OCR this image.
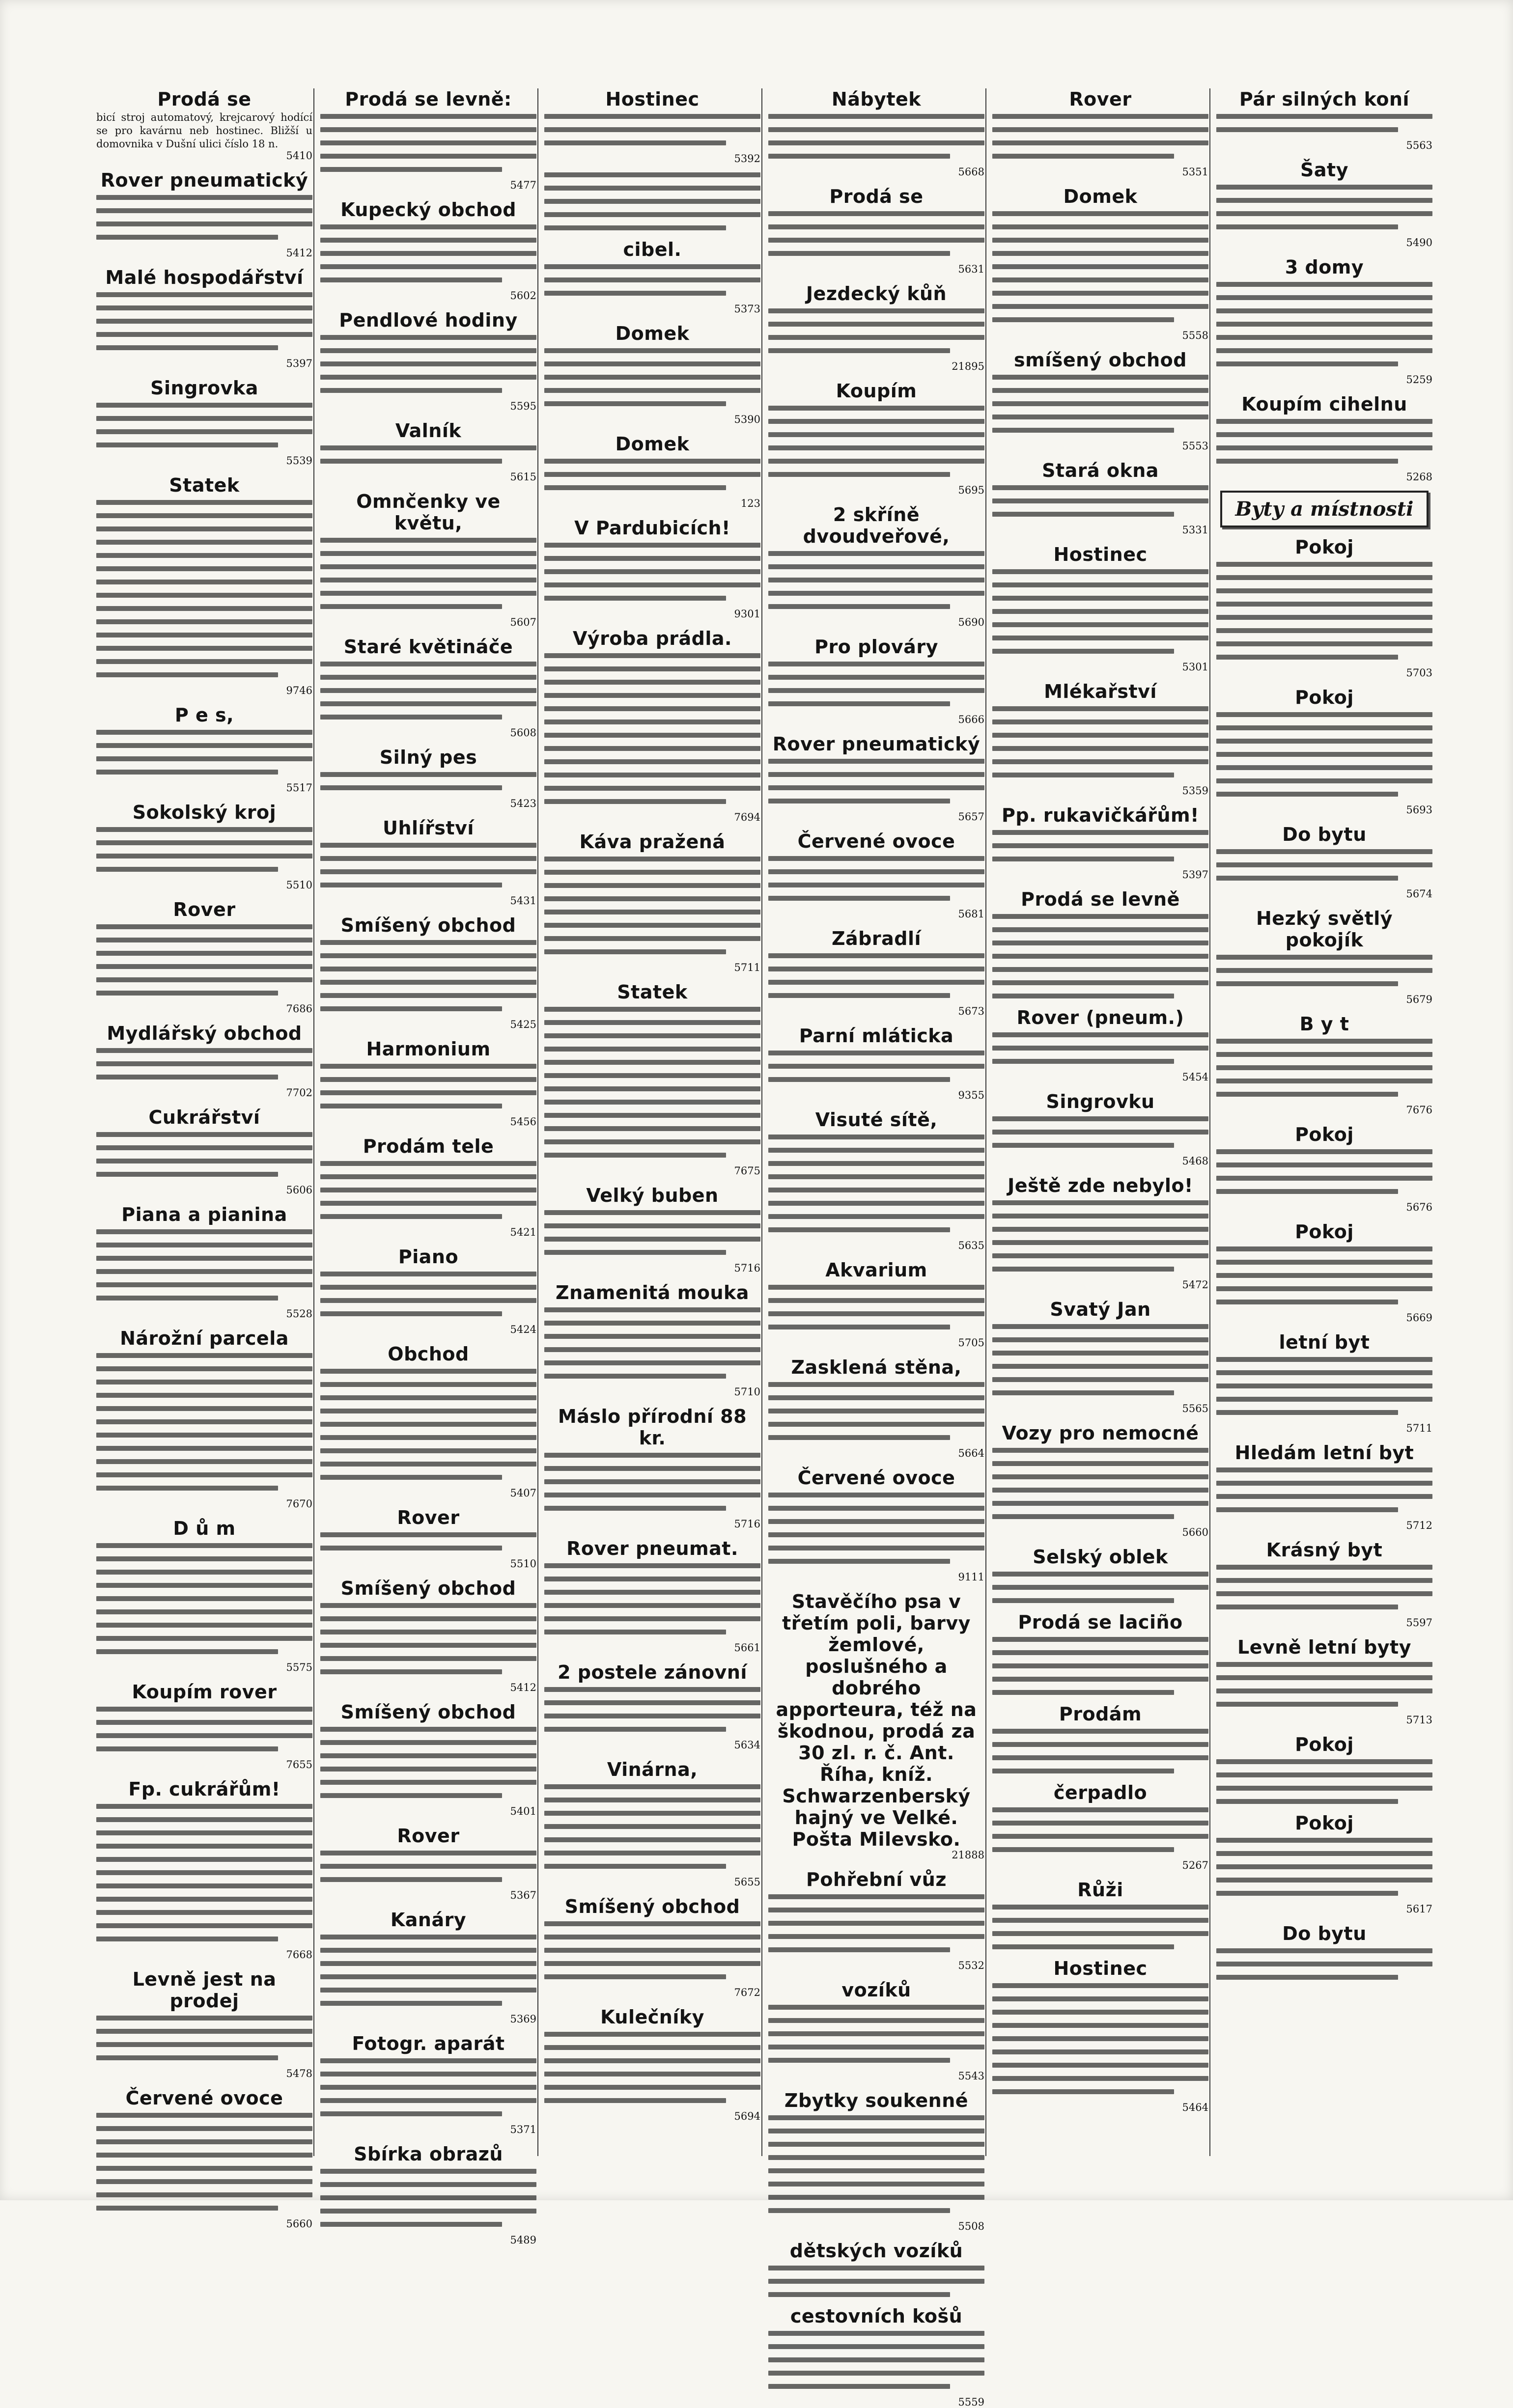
Prodá se
bicí stroj automatový, krejcarový hodící se pro kavárnu neb hostinec. Bližší u domovnika v Dušní ulici číslo 18 n.
5410
Rover pneumatický
5412
Malé hospodářství
5397
Singrovka
5539
Statek
9746
P e s,
5517
Sokolský kroj
5510
Rover
7686
Mydlářský obchod
7702
Cukrářství
5606
Piana a pianina
5528
Nárožní parcela
7670
D ů m
5575
Koupím rover
7655
Fp. cukrářům!
7668
Levně jest na prodej
5478
Červené ovoce
5660
Prodá se levně:
5477
Kupecký obchod
5602
Pendlové hodiny
5595
Valník
5615
Omnčenky ve květu,
5607
Staré květináče
5608
Silný pes
5423
Uhlířství
5431
Smíšený obchod
5425
Harmonium
5456
Prodám tele
5421
Piano
5424
Obchod
5407
Rover
5510
Smíšený obchod
5412
Smíšený obchod
5401
Rover
5367
Kanáry
5369
Fotogr. aparát
5371
Sbírka obrazů
5489
Hostinec
5392
cibel.
5373
Domek
5390
Domek
123
V Pardubicích!
9301
Výroba prádla.
7694
Káva pražená
5711
Statek
7675
Velký buben
5716
Znamenitá mouka
5710
Máslo přírodní 88 kr.
5716
Rover pneumat.
5661
2 postele zánovní
5634
Vinárna,
5655
Smíšený obchod
7672
Kulečníky
5694
Nábytek
5668
Prodá se
5631
Jezdecký kůň
21895
Koupím
5695
2 skříně dvoudveřové,
5690
Pro plováry
5666
Rover pneumatický
5657
Červené ovoce
5681
Zábradlí
5673
Parní mláticka
9355
Visuté sítě,
5635
Akvarium
5705
Zasklená stěna,
5664
Červené ovoce
9111
Stavěčího psa v třetím poli, barvy žemlové, poslušného a dobrého apporteura, též na škodnou, prodá za 30 zl. r. č. Ant. Říha, kníž. Schwarzenberský hajný ve Velké. Pošta Milevsko.
21888
Pohřební vůz
5532
vozíků
5543
Zbytky soukenné
5508
dětských vozíků
cestovních košů
5559
Rover
5351
Domek
5558
smíšený obchod
5553
Stará okna
5331
Hostinec
5301
Mlékařství
5359
Pp. rukavičkářům!
5397
Prodá se levně
Rover (pneum.)
5454
Singrovku
5468
Ještě zde nebylo!
5472
Svatý Jan
5565
Vozy pro nemocné
5660
Selský oblek
Prodá se laciño
Prodám
čerpadlo
5267
Růži
Hostinec
5464
Pár silných koní
5563
Šaty
5490
3 domy
5259
Koupím cihelnu
5268
Byty a místnosti
Pokoj
5703
Pokoj
5693
Do bytu
5674
Hezký světlý pokojík
5679
B y t
7676
Pokoj
5676
Pokoj
5669
letní byt
5711
Hledám letní byt
5712
Krásný byt
5597
Levně letní byty
5713
Pokoj
Pokoj
5617
Do bytu
